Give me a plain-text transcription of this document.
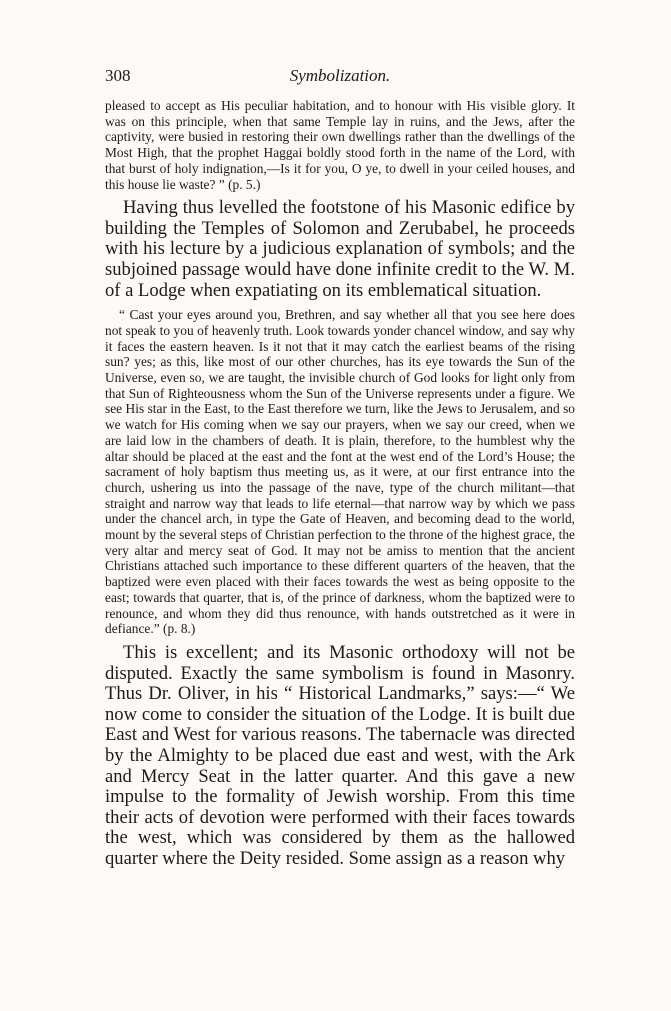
308	Symbolization.

pleased to accept as His peculiar habitation, and to honour with His visible glory. It was on this principle, when that same Temple lay in ruins, and the Jews, after the captivity, were busied in restoring their own dwellings rather than the dwellings of the Most High, that the prophet Haggai boldly stood forth in the name of the Lord, with that burst of holy indignation,—Is it for you, O ye, to dwell in your ceiled houses, and this house lie waste? ” (p. 5.)

Having thus levelled the footstone of his Masonic edifice by building the Temples of Solomon and Zerubabel, he proceeds with his lecture by a judicious explanation of symbols; and the subjoined passage would have done infinite credit to the W. M. of a Lodge when expatiating on its emblematical situation.

“ Cast your eyes around you, Brethren, and say whether all that you see here does not speak to you of heavenly truth. Look towards yonder chancel window, and say why it faces the eastern heaven. Is it not that it may catch the earliest beams of the rising sun? yes; as this, like most of our other churches, has its eye towards the Sun of the Universe, even so, we are taught, the invisible church of God looks for light only from that Sun of Righteousness whom the Sun of the Universe represents under a figure. We see His star in the East, to the East therefore we turn, like the Jews to Jerusalem, and so we watch for His coming when we say our prayers, when we say our creed, when we are laid low in the chambers of death. It is plain, therefore, to the humblest why the altar should be placed at the east and the font at the west end of the Lord’s House; the sacrament of holy baptism thus meeting us, as it were, at our first entrance into the church, ushering us into the passage of the nave, type of the church militant—that straight and narrow way that leads to life eternal—that narrow way by which we pass under the chancel arch, in type the Gate of Heaven, and becoming dead to the world, mount by the several steps of Christian perfection to the throne of the highest grace, the very altar and mercy seat of God. It may not be amiss to mention that the ancient Christians attached such importance to these different quarters of the heaven, that the baptized were even placed with their faces towards the west as being opposite to the east; towards that quarter, that is, of the prince of darkness, whom the baptized were to renounce, and whom they did thus renounce, with hands outstretched as it were in defiance.” (p. 8.)

This is excellent; and its Masonic orthodoxy will not be disputed. Exactly the same symbolism is found in Masonry. Thus Dr. Oliver, in his “ Historical Landmarks,” says:—“ We now come to consider the situation of the Lodge. It is built due East and West for various reasons. The tabernacle was directed by the Almighty to be placed due east and west, with the Ark and Mercy Seat in the latter quarter. And this gave a new impulse to the formality of Jewish worship. From this time their acts of devotion were performed with their faces towards the west, which was considered by them as the hallowed quarter where the Deity resided. Some assign as a reason why
